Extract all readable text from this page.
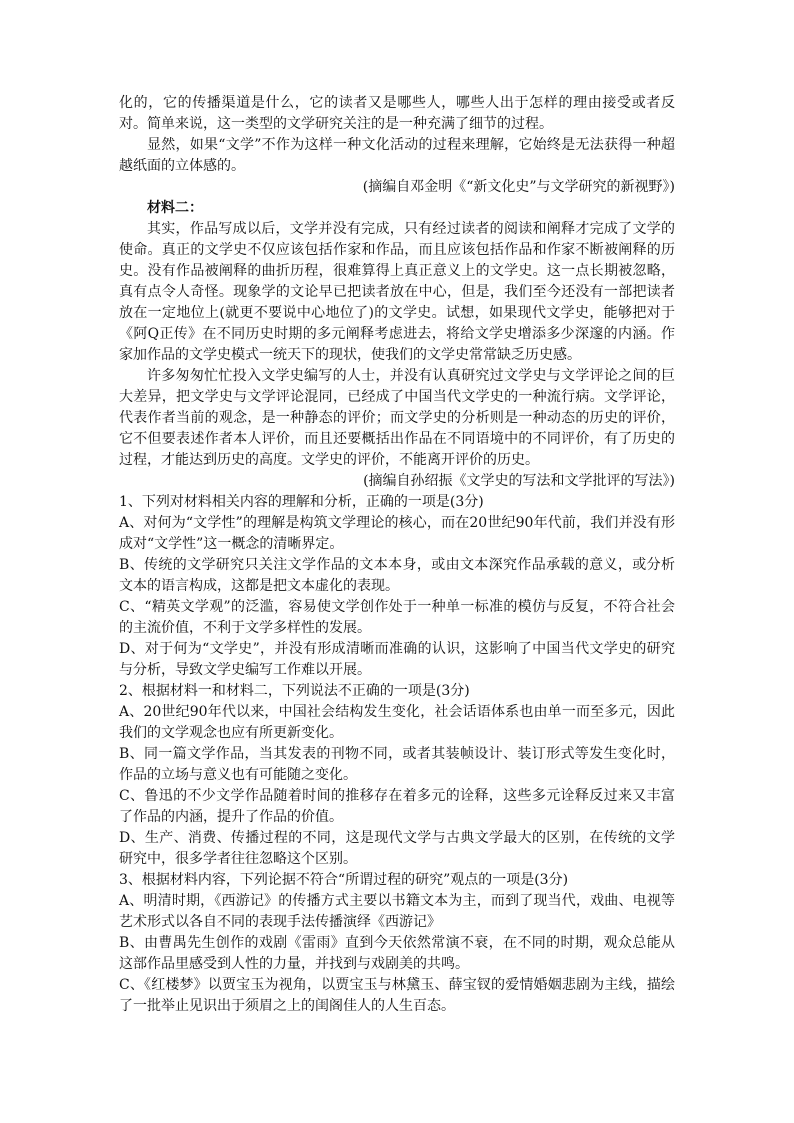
化的，它的传播渠道是什么，它的读者又是哪些人，哪些人出于怎样的理由接受或者反对。简单来说，这一类型的文学研究关注的是一种充满了细节的过程。

显然，如果“文学”不作为这样一种文化活动的过程来理解，它始终是无法获得一种超越纸面的立体感的。

(摘编自邓金明《“新文化史”与文学研究的新视野》)

材料二：

其实，作品写成以后，文学并没有完成，只有经过读者的阅读和阐释才完成了文学的使命。真正的文学史不仅应该包括作家和作品，而且应该包括作品和作家不断被阐释的历史。没有作品被阐释的曲折历程，很难算得上真正意义上的文学史。这一点长期被忽略，真有点令人奇怪。现象学的文论早已把读者放在中心，但是，我们至今还没有一部把读者放在一定地位上(就更不要说中心地位了)的文学史。试想，如果现代文学史，能够把对于《阿Q正传》在不同历史时期的多元阐释考虑进去，将给文学史增添多少深邃的内涵。作家加作品的文学史模式一统天下的现状，使我们的文学史常常缺乏历史感。

许多匆匆忙忙投入文学史编写的人士，并没有认真研究过文学史与文学评论之间的巨大差异，把文学史与文学评论混同，已经成了中国当代文学史的一种流行病。文学评论，代表作者当前的观念，是一种静态的评价；而文学史的分析则是一种动态的历史的评价，它不但要表述作者本人评价，而且还要概括出作品在不同语境中的不同评价，有了历史的过程，才能达到历史的高度。文学史的评价，不能离开评价的历史。

(摘编自孙绍振《文学史的写法和文学批评的写法》)

1、下列对材料相关内容的理解和分析，正确的一项是(3分)

A、对何为“文学性”的理解是构筑文学理论的核心，而在20世纪90年代前，我们并没有形成对“文学性”这一概念的清晰界定。

B、传统的文学研究只关注文学作品的文本本身，或由文本深究作品承载的意义，或分析文本的语言构成，这都是把文本虚化的表现。

C、“精英文学观”的泛滥，容易使文学创作处于一种单一标准的模仿与反复，不符合社会的主流价值，不利于文学多样性的发展。

D、对于何为“文学史”，并没有形成清晰而准确的认识，这影响了中国当代文学史的研究与分析，导致文学史编写工作难以开展。

2、根据材料一和材料二，下列说法不正确的一项是(3分)

A、20世纪90年代以来，中国社会结构发生变化，社会话语体系也由单一而至多元，因此我们的文学观念也应有所更新变化。

B、同一篇文学作品，当其发表的刊物不同，或者其装帧设计、装订形式等发生变化时，作品的立场与意义也有可能随之变化。

C、鲁迅的不少文学作品随着时间的推移存在着多元的诠释，这些多元诠释反过来又丰富了作品的内涵，提升了作品的价值。

D、生产、消费、传播过程的不同，这是现代文学与古典文学最大的区别，在传统的文学研究中，很多学者往往忽略这个区别。

3、根据材料内容，下列论据不符合“所谓过程的研究”观点的一项是(3分)

A、明清时期，《西游记》的传播方式主要以书籍文本为主，而到了现当代，戏曲、电视等艺术形式以各自不同的表现手法传播演绎《西游记》

B、由曹禺先生创作的戏剧《雷雨》直到今天依然常演不衰，在不同的时期，观众总能从这部作品里感受到人性的力量，并找到与戏剧美的共鸣。

C、《红楼梦》以贾宝玉为视角，以贾宝玉与林黛玉、薛宝钗的爱情婚姻悲剧为主线，描绘了一批举止见识出于须眉之上的闺阁佳人的人生百态。
